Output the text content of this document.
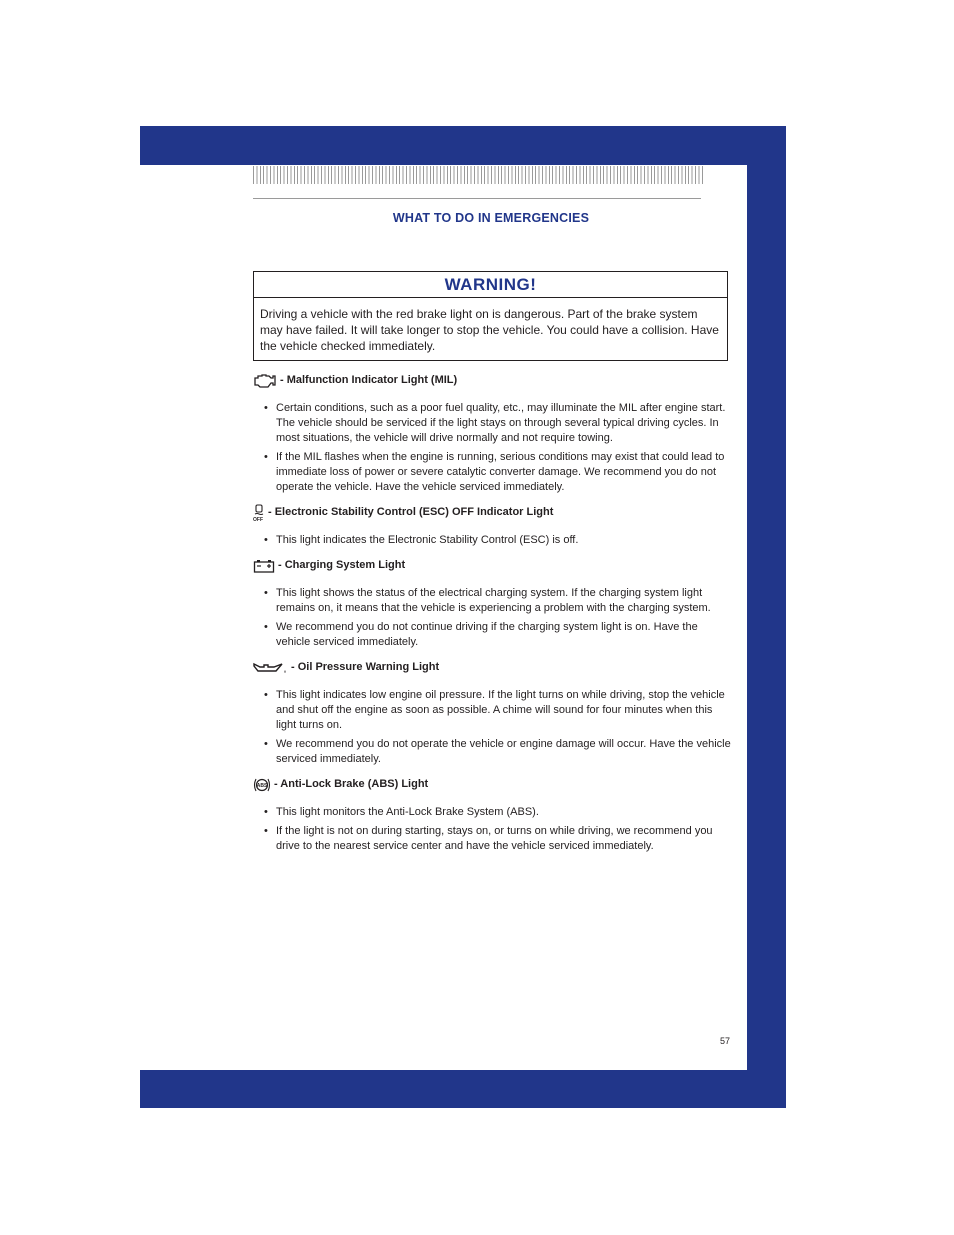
WHAT TO DO IN EMERGENCIES
WARNING!
Driving a vehicle with the red brake light on is dangerous. Part of the brake system may have failed. It will take longer to stop the vehicle. You could have a collision. Have the vehicle checked immediately.
- Malfunction Indicator Light (MIL)
• Certain conditions, such as a poor fuel quality, etc., may illuminate the MIL after engine start. The vehicle should be serviced if the light stays on through several typical driving cycles. In most situations, the vehicle will drive normally and not require towing.
• If the MIL flashes when the engine is running, serious conditions may exist that could lead to immediate loss of power or severe catalytic converter damage. We recommend you do not operate the vehicle. Have the vehicle serviced immediately.
OFF
- Electronic Stability Control (ESC) OFF Indicator Light
• This light indicates the Electronic Stability Control (ESC) is off.
- Charging System Light
• This light shows the status of the electrical charging system. If the charging system light remains on, it means that the vehicle is experiencing a problem with the charging system.
• We recommend you do not continue driving if the charging system light is on. Have the vehicle serviced immediately.
- Oil Pressure Warning Light
• This light indicates low engine oil pressure. If the light turns on while driving, stop the vehicle and shut off the engine as soon as possible. A chime will sound for four minutes when this light turns on.
• We recommend you do not operate the vehicle or engine damage will occur. Have the vehicle serviced immediately.
ABS - Anti-Lock Brake (ABS) Light
• This light monitors the Anti-Lock Brake System (ABS).
• If the light is not on during starting, stays on, or turns on while driving, we recommend you drive to the nearest service center and have the vehicle serviced immediately.
57
